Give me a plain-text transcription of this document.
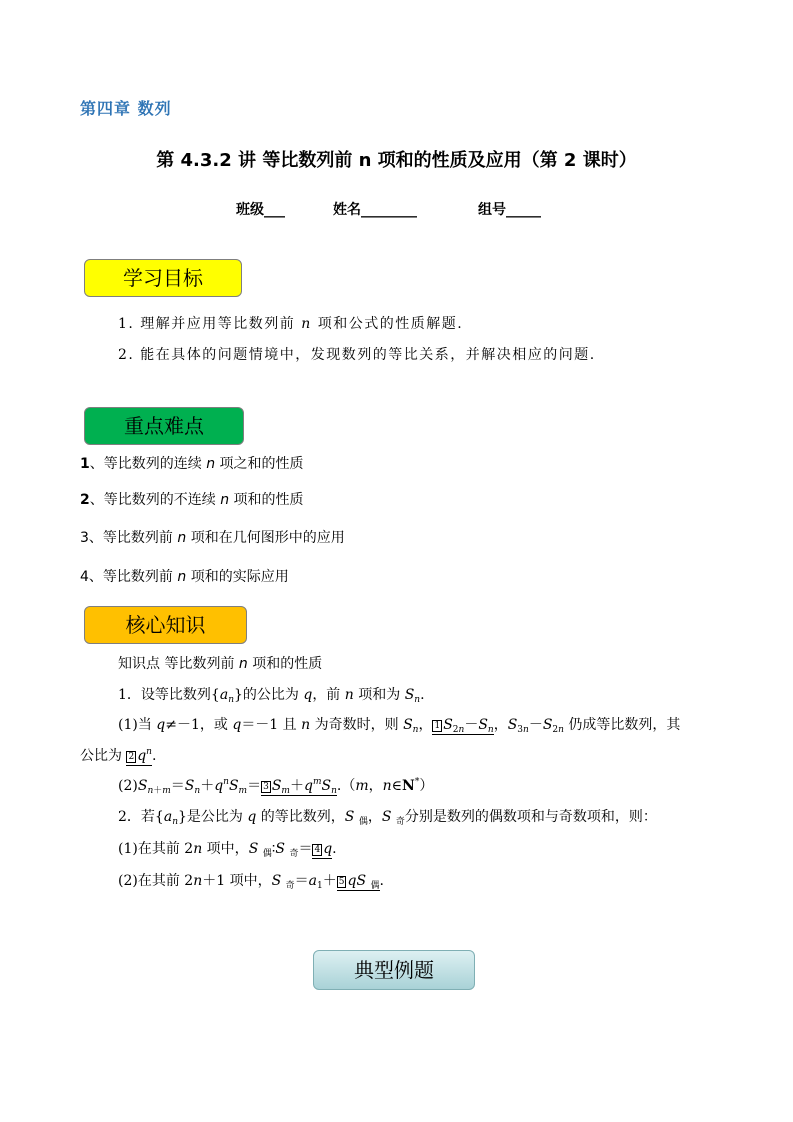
第四章 数列
第 4.3.2 讲 等比数列前 n 项和的性质及应用（第 2 课时）
班级___	姓名________	组号_____
学习目标
1. 理解并应用等比数列前 n 项和公式的性质解题.
2. 能在具体的问题情境中，发现数列的等比关系，并解决相应的问题.
重点难点
1、等比数列的连续 n 项之和的性质
2、等比数列的不连续 n 项和的性质
3、等比数列前 n 项和在几何图形中的应用
4、等比数列前 n 项和的实际应用
核心知识
知识点 等比数列前 n 项和的性质
1．设等比数列$\{a_n\}$的公比为 q，前 n 项和为 $S_n$.
(1)当 q≠－1，或 q＝－1 且 n 为奇数时，则 $S_n$， 1 $S_{2n}-S_n$，$S_{3n}-S_{2n}$ 仍成等比数列，其
公比为 2 $q^n$.
$(2)S_{n+m}=S_n+q^nS_m= 3$ $S_m+q^mS_n.(m$，n∈N*）
2．若$\{a_n\}$是公比为 q 的等比数列，S $_偶$，S $_奇$分别是数列的偶数项和与奇数项和，则：
(1)在其前 2n 项中，S $_偶$∶S $_奇$＝ 4 q.
(2)在其前 2n＋1 项中，S $_奇=a_1+ 5$ qS $_偶$.
典型例题
